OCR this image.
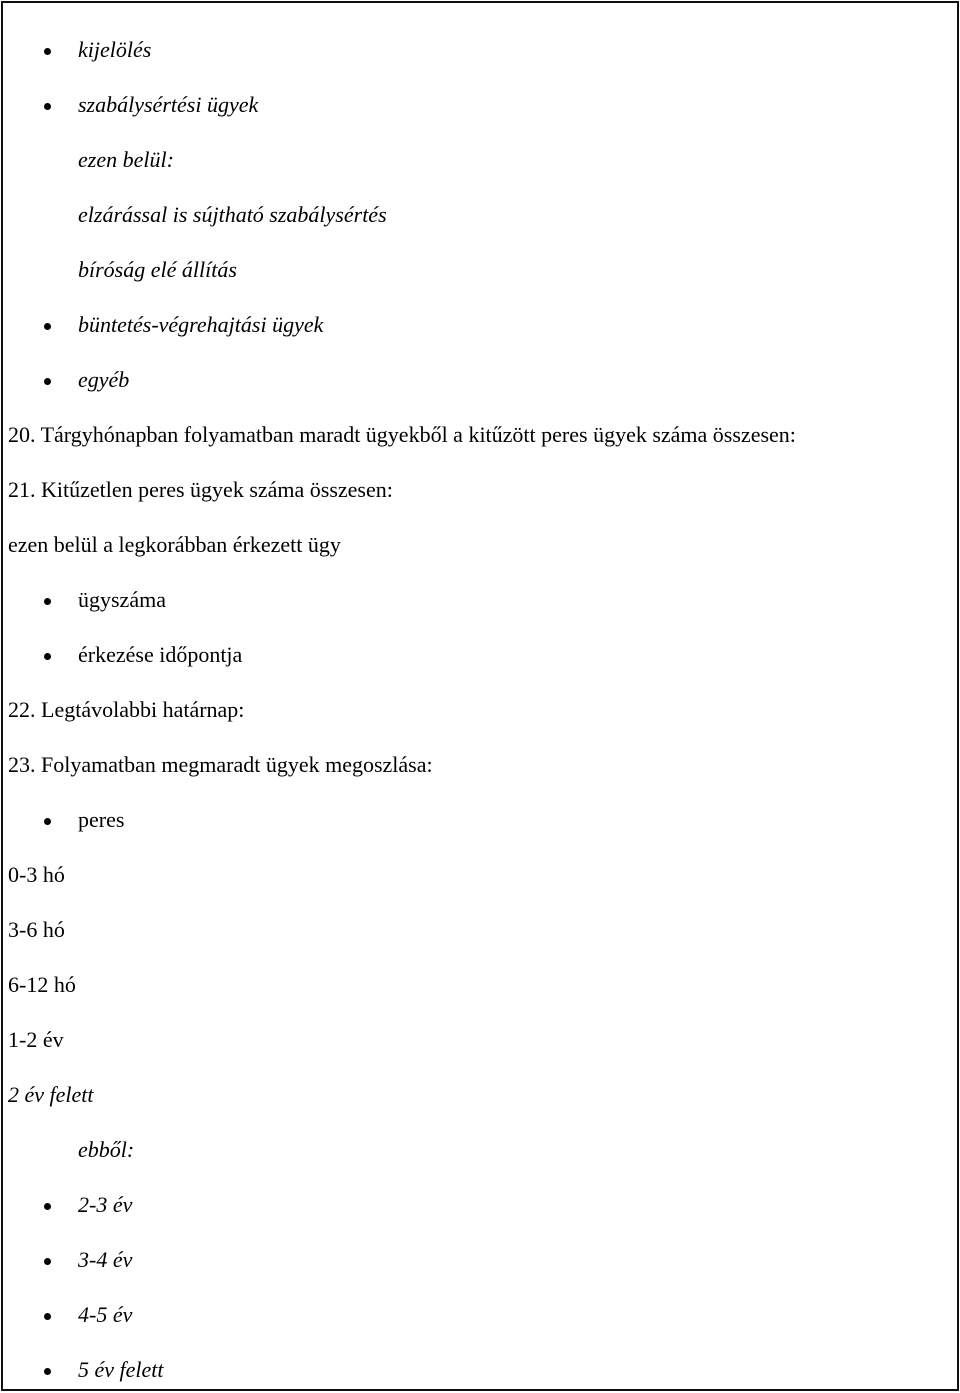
kijelölés
szabálysértési ügyek
ezen belül:
elzárással is sújtható szabálysértés
bíróság elé állítás
büntetés-végrehajtási ügyek
egyéb
20. Tárgyhónapban folyamatban maradt ügyekből a kitűzött peres ügyek száma összesen:
21. Kitűzetlen peres ügyek száma összesen:
ezen belül a legkorábban érkezett ügy
ügyszáma
érkezése időpontja
22. Legtávolabbi határnap:
23. Folyamatban megmaradt ügyek megoszlása:
peres
0-3 hó
3-6 hó
6-12 hó
1-2 év
2 év felett
ebből:
2-3 év
3-4 év
4-5 év
5 év felett
